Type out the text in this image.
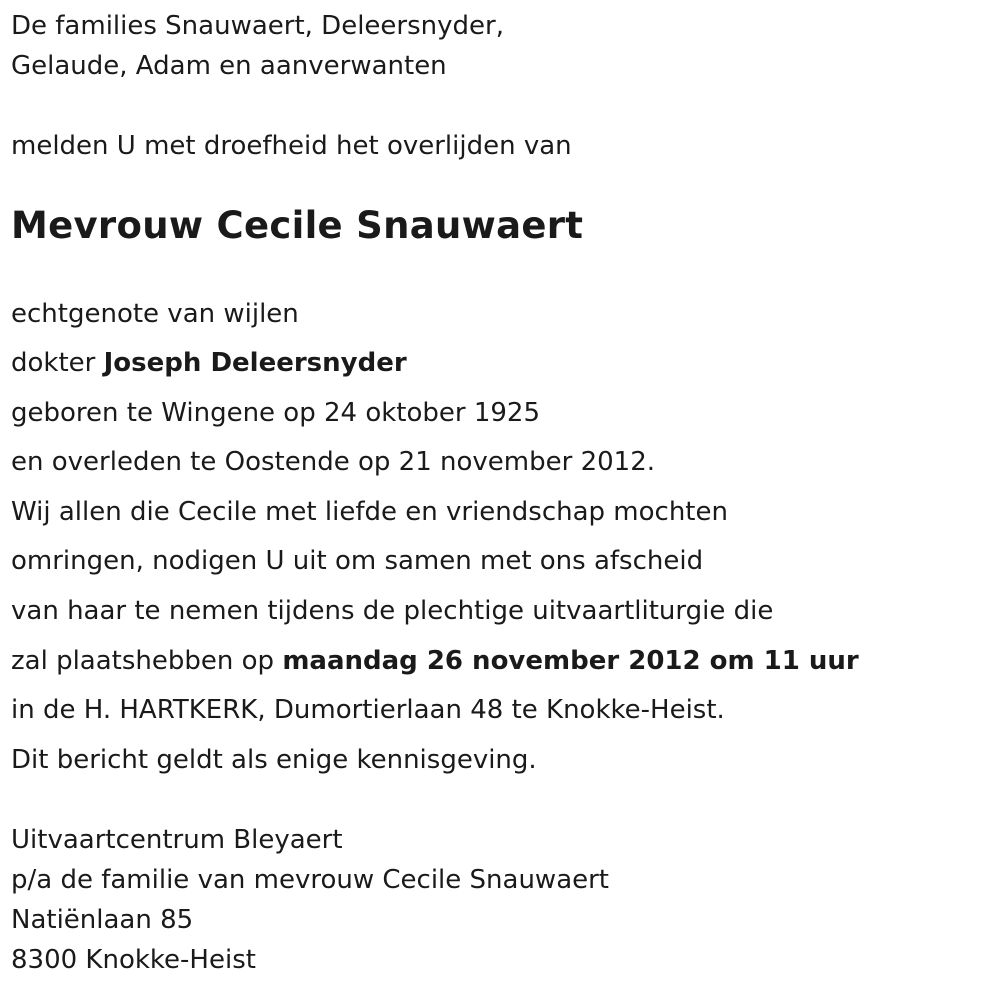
De families Snauwaert, Deleersnyder,

Gelaude, Adam en aanverwanten

melden U met droefheid het overlijden van

Mevrouw Cecile Snauwaert

echtgenote van wijlen

dokter Joseph Deleersnyder

geboren te Wingene op 24 oktober 1925

en overleden te Oostende op 21 november 2012.

Wij allen die Cecile met liefde en vriendschap mochten

omringen, nodigen U uit om samen met ons afscheid

van haar te nemen tijdens de plechtige uitvaartliturgie die

zal plaatshebben op maandag 26 november 2012 om 11 uur

in de H. HARTKERK, Dumortierlaan 48 te Knokke-Heist.

Dit bericht geldt als enige kennisgeving.

Uitvaartcentrum Bleyaert

p/a de familie van mevrouw Cecile Snauwaert

Natiënlaan 85

8300 Knokke-Heist
